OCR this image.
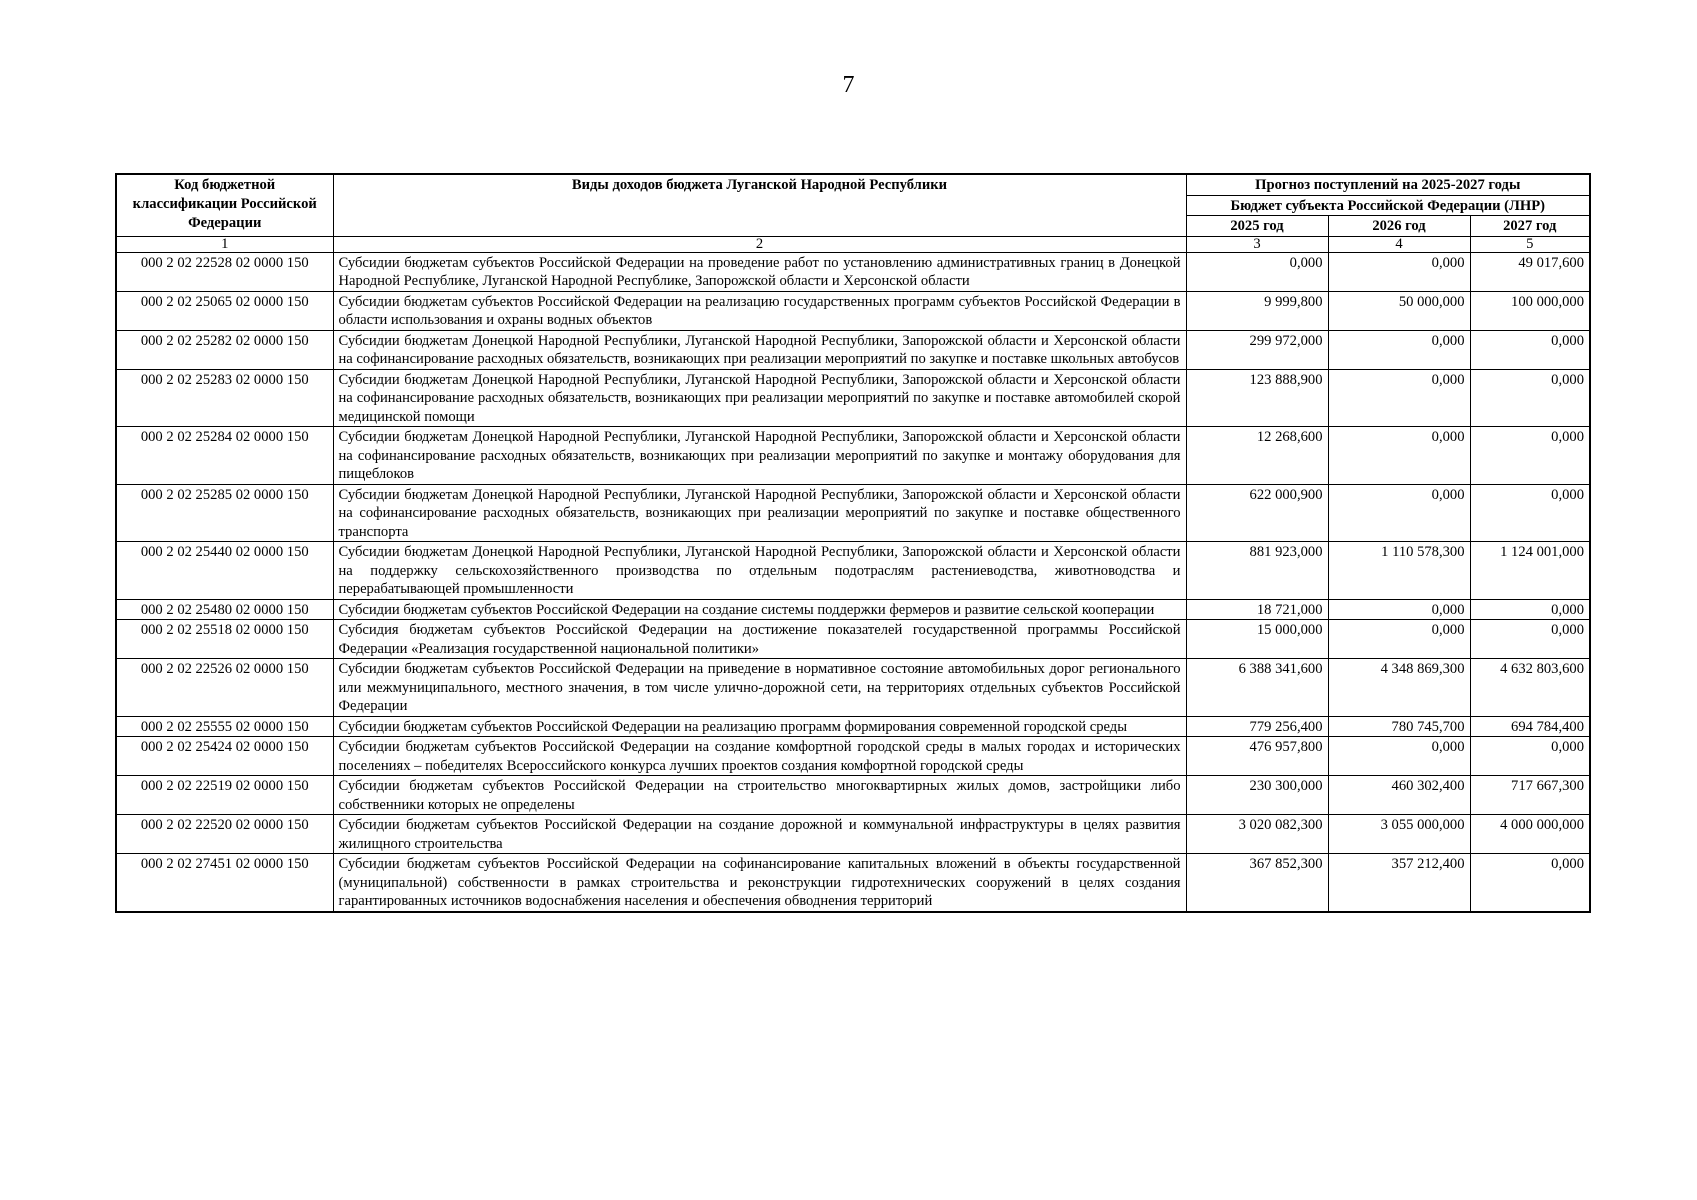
7
Код бюджетной классификации Российской Федерации	Виды доходов бюджета Луганской Народной Республики	Прогноз поступлений на 2025-2027 годы		
		Бюджет субъекта Российской Федерации (ЛНР)		
		2025 год	2026 год	2027 год
1	2	3	4	5
000 2 02 22528 02 0000 150	Субсидии бюджетам субъектов Российской Федерации на проведение работ по установлению административных границ в Донецкой Народной Республике, Луганской Народной Республике, Запорожской области и Херсонской области	0,000	0,000	49 017,600
000 2 02 25065 02 0000 150	Субсидии бюджетам субъектов Российской Федерации на реализацию государственных программ субъектов Российской Федерации в области использования и охраны водных объектов	9 999,800	50 000,000	100 000,000
000 2 02 25282 02 0000 150	Субсидии бюджетам Донецкой Народной Республики, Луганской Народной Республики, Запорожской области и Херсонской области на софинансирование расходных обязательств, возникающих при реализации мероприятий по закупке и поставке школьных автобусов	299 972,000	0,000	0,000
000 2 02 25283 02 0000 150	Субсидии бюджетам Донецкой Народной Республики, Луганской Народной Республики, Запорожской области и Херсонской области на софинансирование расходных обязательств, возникающих при реализации мероприятий по закупке и поставке автомобилей скорой медицинской помощи	123 888,900	0,000	0,000
000 2 02 25284 02 0000 150	Субсидии бюджетам Донецкой Народной Республики, Луганской Народной Республики, Запорожской области и Херсонской области на софинансирование расходных обязательств, возникающих при реализации мероприятий по закупке и монтажу оборудования для пищеблоков	12 268,600	0,000	0,000
000 2 02 25285 02 0000 150	Субсидии бюджетам Донецкой Народной Республики, Луганской Народной Республики, Запорожской области и Херсонской области на софинансирование расходных обязательств, возникающих при реализации мероприятий по закупке и поставке общественного транспорта	622 000,900	0,000	0,000
000 2 02 25440 02 0000 150	Субсидии бюджетам Донецкой Народной Республики, Луганской Народной Республики, Запорожской области и Херсонской области на поддержку сельскохозяйственного производства по отдельным подотраслям растениеводства, животноводства и перерабатывающей промышленности	881 923,000	1 110 578,300	1 124 001,000
000 2 02 25480 02 0000 150	Субсидии бюджетам субъектов Российской Федерации на создание системы поддержки фермеров и развитие сельской кооперации	18 721,000	0,000	0,000
000 2 02 25518 02 0000 150	Субсидия бюджетам субъектов Российской Федерации на достижение показателей государственной программы Российской Федерации «Реализация государственной национальной политики»	15 000,000	0,000	0,000
000 2 02 22526 02 0000 150	Субсидии бюджетам субъектов Российской Федерации на приведение в нормативное состояние автомобильных дорог регионального или межмуниципального, местного значения, в том числе улично-дорожной сети, на территориях отдельных субъектов Российской Федерации	6 388 341,600	4 348 869,300	4 632 803,600
000 2 02 25555 02 0000 150	Субсидии бюджетам субъектов Российской Федерации на реализацию программ формирования современной городской среды	779 256,400	780 745,700	694 784,400
000 2 02 25424 02 0000 150	Субсидии бюджетам субъектов Российской Федерации на создание комфортной городской среды в малых городах и исторических поселениях – победителях Всероссийского конкурса лучших проектов создания комфортной городской среды	476 957,800	0,000	0,000
000 2 02 22519 02 0000 150	Субсидии бюджетам субъектов Российской Федерации на строительство многоквартирных жилых домов, застройщики либо собственники которых не определены	230 300,000	460 302,400	717 667,300
000 2 02 22520 02 0000 150	Субсидии бюджетам субъектов Российской Федерации на создание дорожной и коммунальной инфраструктуры в целях развития жилищного строительства	3 020 082,300	3 055 000,000	4 000 000,000
000 2 02 27451 02 0000 150	Субсидии бюджетам субъектов Российской Федерации на софинансирование капитальных вложений в объекты государственной (муниципальной) собственности в рамках строительства и реконструкции гидротехнических сооружений в целях создания гарантированных источников водоснабжения населения и обеспечения обводнения территорий	367 852,300	357 212,400	0,000
